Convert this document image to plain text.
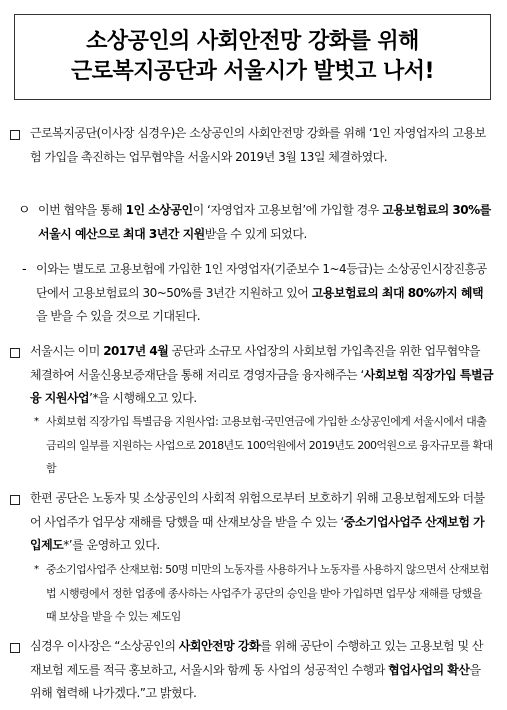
소상공인의 사회안전망 강화를 위해
근로복지공단과 서울시가 발벗고 나서!
근로복지공단(이사장 심경우)은 소상공인의 사회안전망 강화를 위해 ‘1인 자영업자의 고용보험 가입을 촉진하는 업무협약을 서울시와 2019년 3월 13일 체결하였다.
ㅇ 이번 협약을 통해 1인 소상공인이 ‘자영업자 고용보험’에 가입할 경우 고용보험료의 30%를 서울시 예산으로 최대 3년간 지원받을 수 있게 되었다.
- 이와는 별도로 고용보험에 가입한 1인 자영업자(기준보수 1~4등급)는 소상공인시장진흥공단에서 고용보험료의 30~50%를 3년간 지원하고 있어 고용보험료의 최대 80%까지 혜택을 받을 수 있을 것으로 기대된다.
서울시는 이미 2017년 4월 공단과 소규모 사업장의 사회보험 가입촉진을 위한 업무협약을 체결하여 서울신용보증재단을 통해 저리로 경영자금을 융자해주는 ‘사회보험 직장가입 특별금융 지원사업’*을 시행해오고 있다.
* 사회보험 직장가입 특별금융 지원사업: 고용보험·국민연금에 가입한 소상공인에게 서울시에서 대출금리의 일부를 지원하는 사업으로 2018년도 100억원에서 2019년도 200억원으로 융자규모를 확대함
한편 공단은 노동자 및 소상공인의 사회적 위험으로부터 보호하기 위해 고용보험제도와 더불어 사업주가 업무상 재해를 당했을 때 산재보상을 받을 수 있는 ‘중소기업사업주 산재보험 가입제도*’를 운영하고 있다.
* 중소기업사업주 산재보험: 50명 미만의 노동자를 사용하거나 노동자를 사용하지 않으면서 산재보험법 시행령에서 정한 업종에 종사하는 사업주가 공단의 승인을 받아 가입하면 업무상 재해를 당했을 때 보상을 받을 수 있는 제도임
심경우 이사장은 “소상공인의 사회안전망 강화를 위해 공단이 수행하고 있는 고용보험 및 산재보험 제도를 적극 홍보하고, 서울시와 함께 동 사업의 성공적인 수행과 협업사업의 확산을 위해 협력해 나가겠다.”고 밝혔다.
